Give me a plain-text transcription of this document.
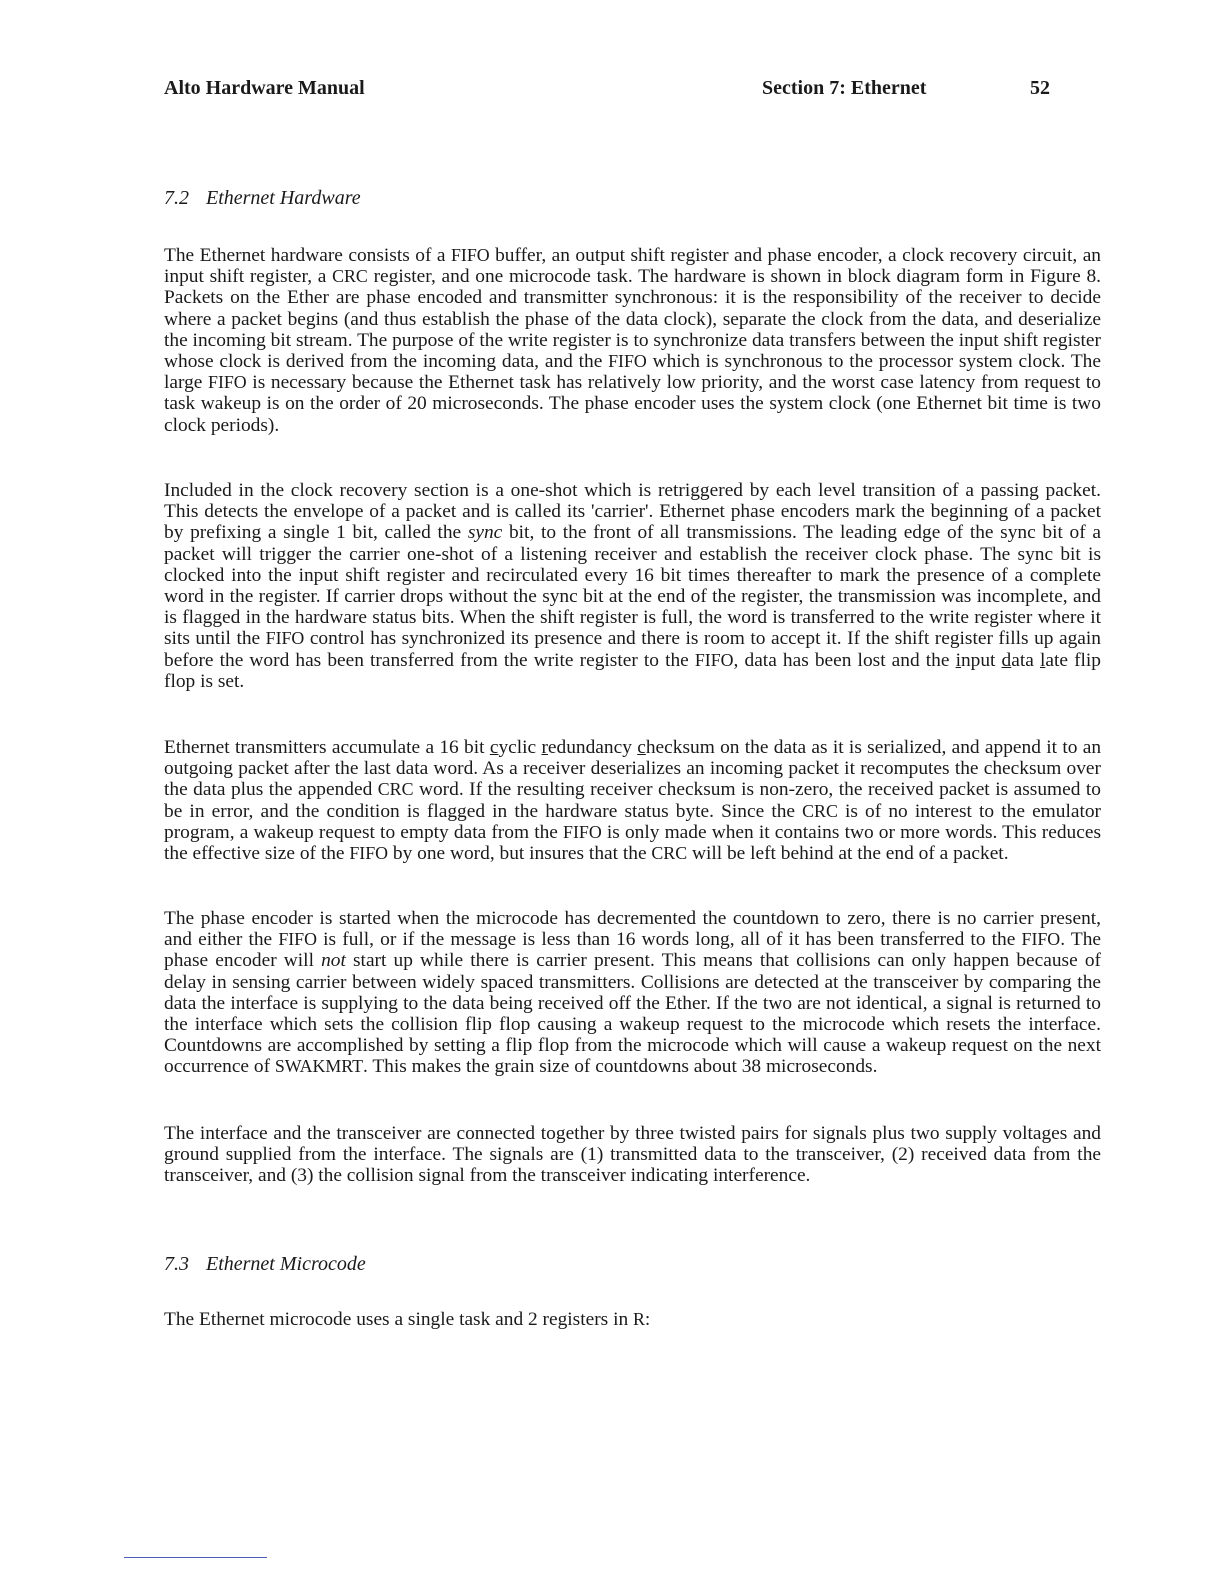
Alto Hardware Manual	Section 7: Ethernet	52
7.2 Ethernet Hardware

The Ethernet hardware consists of a FIFO buffer, an output shift register and phase encoder, a clock recovery circuit, an input shift register, a CRC register, and one microcode task. The hardware is shown in block diagram form in Figure 8. Packets on the Ether are phase encoded and transmitter synchronous: it is the responsibility of the receiver to decide where a packet begins (and thus establish the phase of the data clock), separate the clock from the data, and deserialize the incoming bit stream. The purpose of the write register is to synchronize data transfers between the input shift register whose clock is derived from the incoming data, and the FIFO which is synchronous to the processor system clock. The large FIFO is necessary because the Ethernet task has relatively low priority, and the worst case latency from request to task wakeup is on the order of 20 microseconds. The phase encoder uses the system clock (one Ethernet bit time is two clock periods).

Included in the clock recovery section is a one-shot which is retriggered by each level transition of a passing packet. This detects the envelope of a packet and is called its 'carrier'. Ethernet phase encoders mark the beginning of a packet by prefixing a single 1 bit, called the sync bit, to the front of all transmissions. The leading edge of the sync bit of a packet will trigger the carrier one-shot of a listening receiver and establish the receiver clock phase. The sync bit is clocked into the input shift register and recirculated every 16 bit times thereafter to mark the presence of a complete word in the register. If carrier drops without the sync bit at the end of the register, the transmission was incomplete, and is flagged in the hardware status bits. When the shift register is full, the word is transferred to the write register where it sits until the FIFO control has synchronized its presence and there is room to accept it. If the shift register fills up again before the word has been transferred from the write register to the FIFO, data has been lost and the input data late flip flop is set.

Ethernet transmitters accumulate a 16 bit cyclic redundancy checksum on the data as it is serialized, and append it to an outgoing packet after the last data word. As a receiver deserializes an incoming packet it recomputes the checksum over the data plus the appended CRC word. If the resulting receiver checksum is non-zero, the received packet is assumed to be in error, and the condition is flagged in the hardware status byte. Since the CRC is of no interest to the emulator program, a wakeup request to empty data from the FIFO is only made when it contains two or more words. This reduces the effective size of the FIFO by one word, but insures that the CRC will be left behind at the end of a packet.

The phase encoder is started when the microcode has decremented the countdown to zero, there is no carrier present, and either the FIFO is full, or if the message is less than 16 words long, all of it has been transferred to the FIFO. The phase encoder will not start up while there is carrier present. This means that collisions can only happen because of delay in sensing carrier between widely spaced transmitters. Collisions are detected at the transceiver by comparing the data the interface is supplying to the data being received off the Ether. If the two are not identical, a signal is returned to the interface which sets the collision flip flop causing a wakeup request to the microcode which resets the interface. Countdowns are accomplished by setting a flip flop from the microcode which will cause a wakeup request on the next occurrence of SWAKMRT. This makes the grain size of countdowns about 38 microseconds.

The interface and the transceiver are connected together by three twisted pairs for signals plus two supply voltages and ground supplied from the interface. The signals are (1) transmitted data to the transceiver, (2) received data from the transceiver, and (3) the collision signal from the transceiver indicating interference.

7.3 Ethernet Microcode

The Ethernet microcode uses a single task and 2 registers in R:
